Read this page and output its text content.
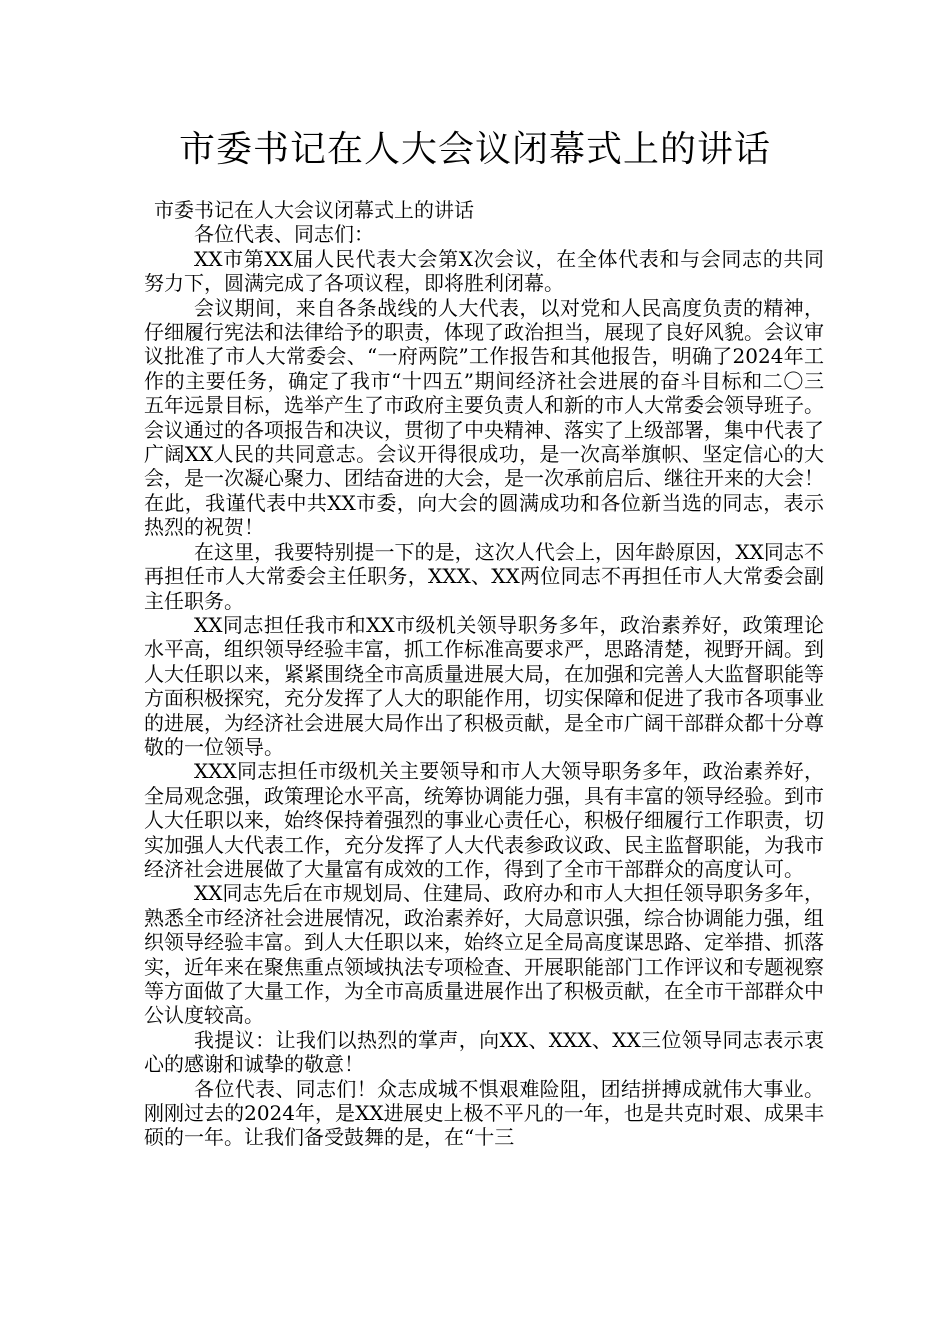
市委书记在人大会议闭幕式上的讲话

市委书记在人大会议闭幕式上的讲话

各位代表、同志们：

XX市第XX届人民代表大会第X次会议，在全体代表和与会同志的共同努力下，圆满完成了各项议程，即将胜利闭幕。

会议期间，来自各条战线的人大代表，以对党和人民高度负责的精神，仔细履行宪法和法律给予的职责，体现了政治担当，展现了良好风貌。会议审议批准了市人大常委会、“一府两院”工作报告和其他报告，明确了2024年工作的主要任务，确定了我市“十四五”期间经济社会进展的奋斗目标和二〇三五年远景目标，选举产生了市政府主要负责人和新的市人大常委会领导班子。会议通过的各项报告和决议，贯彻了中央精神、落实了上级部署，集中代表了广阔XX人民的共同意志。会议开得很成功，是一次高举旗帜、坚定信心的大会，是一次凝心聚力、团结奋进的大会，是一次承前启后、继往开来的大会！在此，我谨代表中共XX市委，向大会的圆满成功和各位新当选的同志，表示热烈的祝贺！

在这里，我要特别提一下的是，这次人代会上，因年龄原因，XX同志不再担任市人大常委会主任职务，XXX、XX两位同志不再担任市人大常委会副主任职务。

XX同志担任我市和XX市级机关领导职务多年，政治素养好，政策理论水平高，组织领导经验丰富，抓工作标准高要求严，思路清楚，视野开阔。到人大任职以来，紧紧围绕全市高质量进展大局，在加强和完善人大监督职能等方面积极探究，充分发挥了人大的职能作用，切实保障和促进了我市各项事业的进展，为经济社会进展大局作出了积极贡献，是全市广阔干部群众都十分尊敬的一位领导。

XXX同志担任市级机关主要领导和市人大领导职务多年，政治素养好，全局观念强，政策理论水平高，统筹协调能力强，具有丰富的领导经验。到市人大任职以来，始终保持着强烈的事业心责任心，积极仔细履行工作职责，切实加强人大代表工作，充分发挥了人大代表参政议政、民主监督职能，为我市经济社会进展做了大量富有成效的工作，得到了全市干部群众的高度认可。

XX同志先后在市规划局、住建局、政府办和市人大担任领导职务多年，熟悉全市经济社会进展情况，政治素养好，大局意识强，综合协调能力强，组织领导经验丰富。到人大任职以来，始终立足全局高度谋思路、定举措、抓落实，近年来在聚焦重点领域执法专项检查、开展职能部门工作评议和专题视察等方面做了大量工作，为全市高质量进展作出了积极贡献，在全市干部群众中公认度较高。

我提议：让我们以热烈的掌声，向XX、XXX、XX三位领导同志表示衷心的感谢和诚挚的敬意！

各位代表、同志们！众志成城不惧艰难险阻，团结拼搏成就伟大事业。刚刚过去的2024年，是XX进展史上极不平凡的一年，也是共克时艰、成果丰硕的一年。让我们备受鼓舞的是，在“十三
